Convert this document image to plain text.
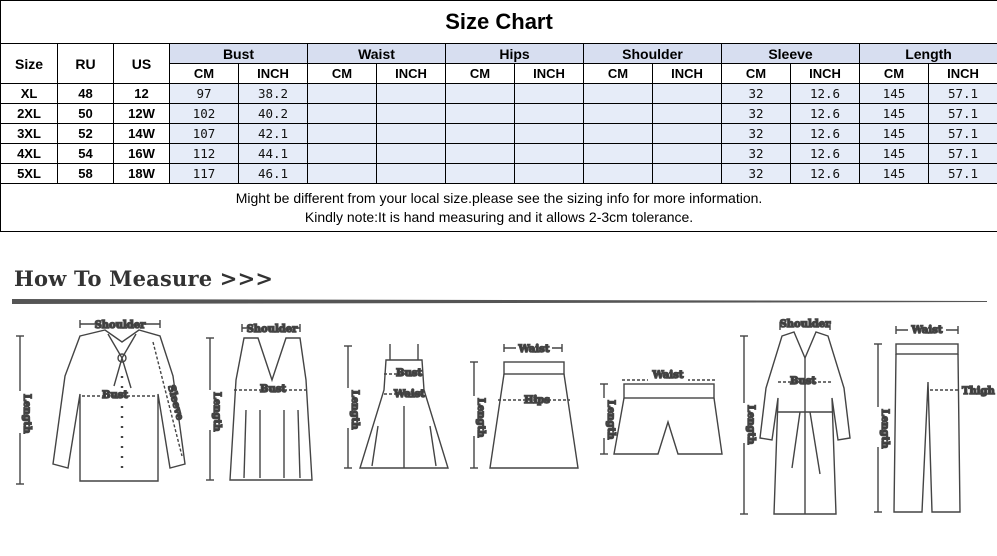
Size Chart														
Size	RU	US	Bust		Waist		Hips		Shoulder		Sleeve		Length	
			CM	INCH	CM	INCH	CM	INCH	CM	INCH	CM	INCH	CM	INCH
XL	48	12	97	38.2							32	12.6	145	57.1
2XL	50	12W	102	40.2							32	12.6	145	57.1
3XL	52	14W	107	42.1							32	12.6	145	57.1
4XL	54	16W	112	44.1							32	12.6	145	57.1
5XL	58	18W	117	46.1							32	12.6	145	57.1

Might be different from your local size.please see the sizing info for more information.
Kindly note:It is hand measuring and it allows 2-3cm tolerance.														
How To Measure >>>
Shoulder
Bust	Sleeve
Length
Shoulder
Bust
Length
Bust
Waist
Length
Waist
Hips
Length
Waist
Length
Shoulder
Bust
Length
Waist
Thigh
Length
